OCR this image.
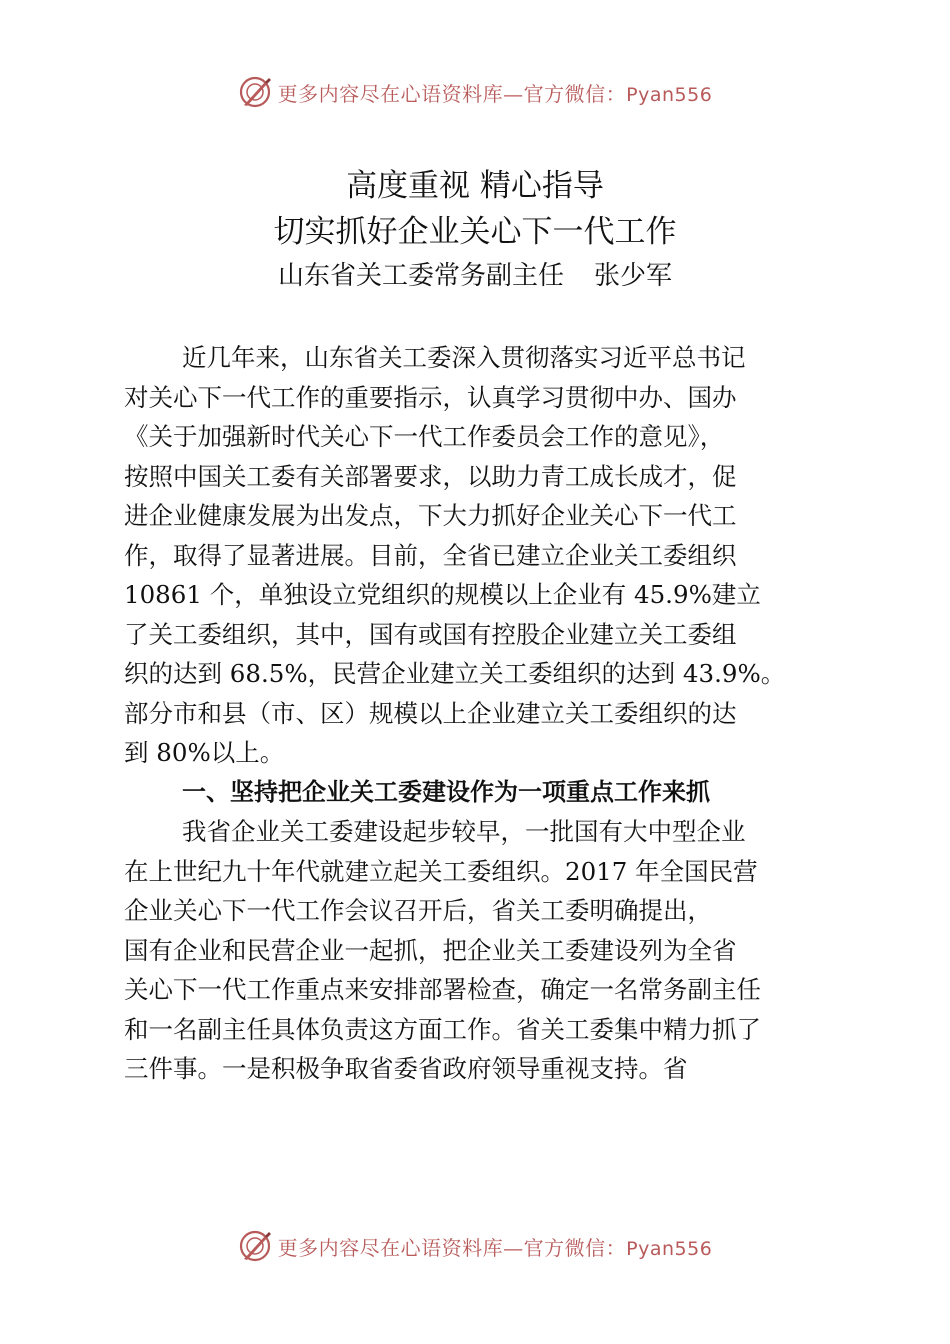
更多内容尽在心语资料库—官方微信：Pyan556
高度重视 精心指导
切实抓好企业关心下一代工作
山东省关工委常务副主任 张少军
近几年来，山东省关工委深入贯彻落实习近平总书记
对关心下一代工作的重要指示，认真学习贯彻中办、国办
《关于加强新时代关心下一代工作委员会工作的意见》，
按照中国关工委有关部署要求，以助力青工成长成才，促
进企业健康发展为出发点，下大力抓好企业关心下一代工
作，取得了显著进展。目前，全省已建立企业关工委组织
10861 个，单独设立党组织的规模以上企业有 45.9%建立
了关工委组织，其中，国有或国有控股企业建立关工委组
织的达到 68.5%，民营企业建立关工委组织的达到 43.9%。
部分市和县（市、区）规模以上企业建立关工委组织的达
到 80%以上。
一、坚持把企业关工委建设作为一项重点工作来抓
我省企业关工委建设起步较早，一批国有大中型企业
在上世纪九十年代就建立起关工委组织。2017 年全国民营
企业关心下一代工作会议召开后，省关工委明确提出，
国有企业和民营企业一起抓，把企业关工委建设列为全省
关心下一代工作重点来安排部署检查，确定一名常务副主任
和一名副主任具体负责这方面工作。省关工委集中精力抓了
三件事。一是积极争取省委省政府领导重视支持。省
更多内容尽在心语资料库—官方微信：Pyan556
